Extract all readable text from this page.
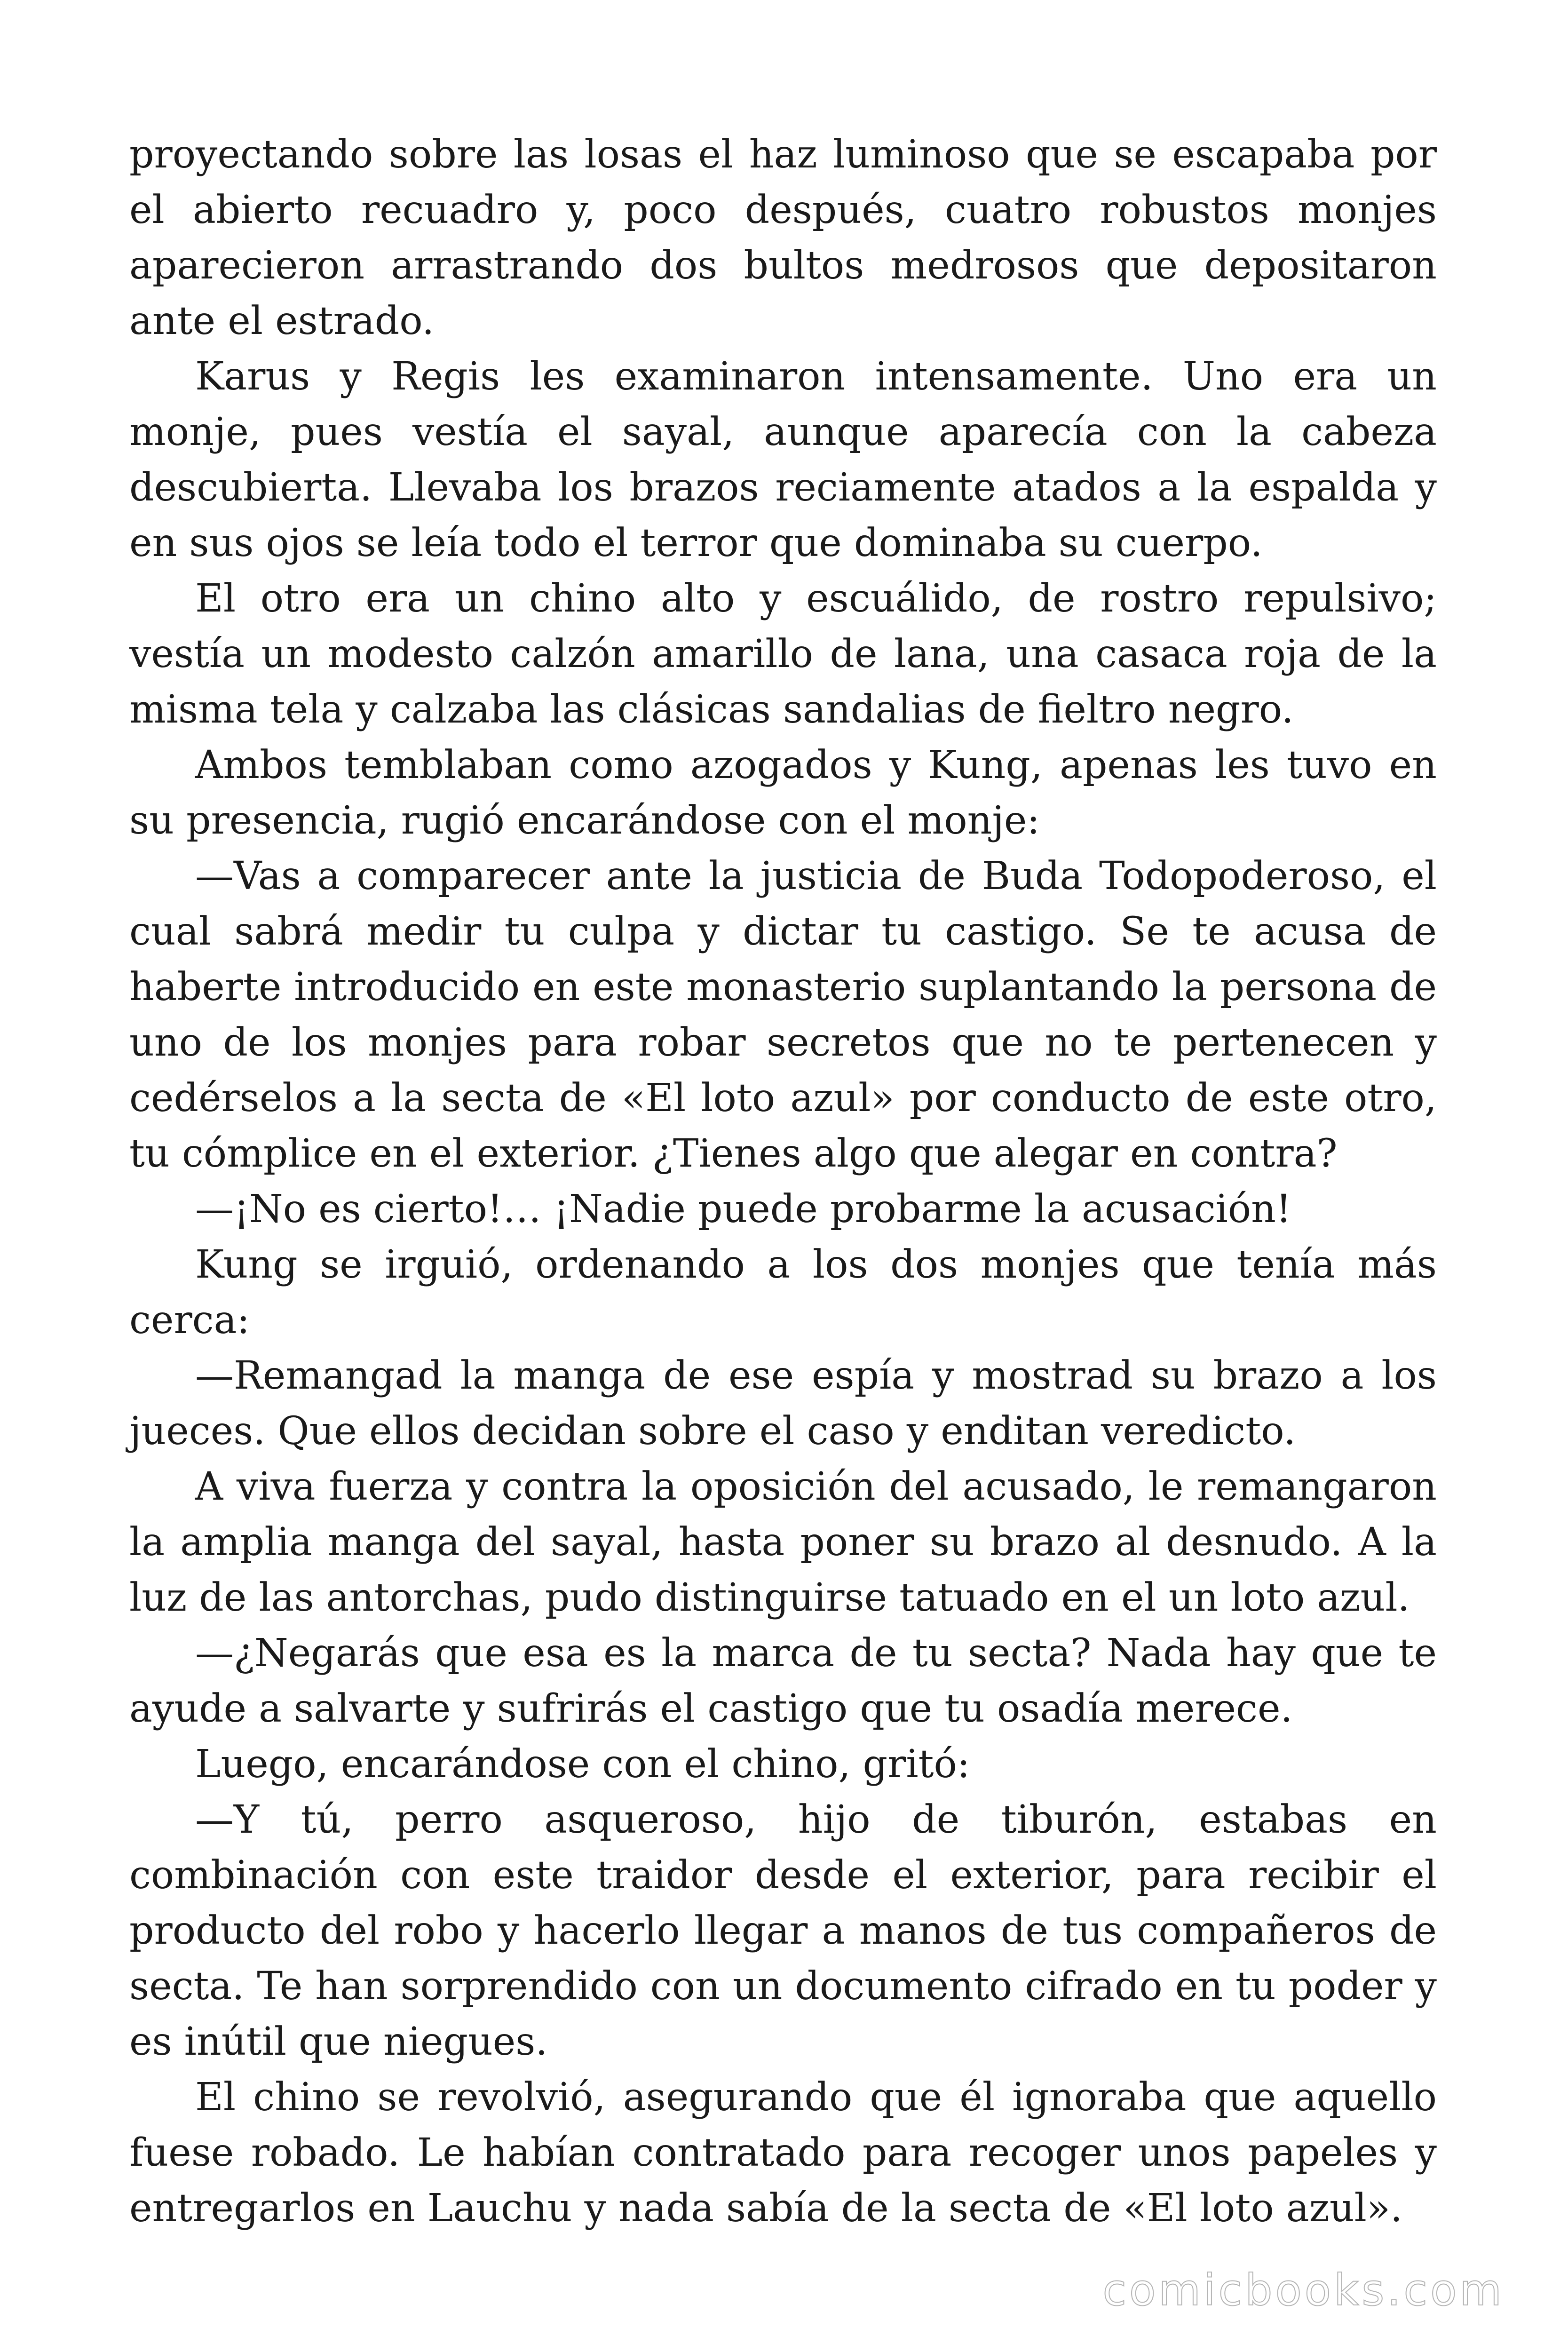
proyectando sobre las losas el haz luminoso que se escapaba por el abierto recuadro y, poco después, cuatro robustos monjes aparecieron arrastrando dos bultos medrosos que depositaron ante el estrado.

Karus y Regis les examinaron intensamente. Uno era un monje, pues vestía el sayal, aunque aparecía con la cabeza descubierta. Llevaba los brazos reciamente atados a la espalda y en sus ojos se leía todo el terror que dominaba su cuerpo.

El otro era un chino alto y escuálido, de rostro repulsivo; vestía un modesto calzón amarillo de lana, una casaca roja de la misma tela y calzaba las clásicas sandalias de fieltro negro.

Ambos temblaban como azogados y Kung, apenas les tuvo en su presencia, rugió encarándose con el monje:

—Vas a comparecer ante la justicia de Buda Todopoderoso, el cual sabrá medir tu culpa y dictar tu castigo. Se te acusa de haberte introducido en este monasterio suplantando la persona de uno de los monjes para robar secretos que no te pertenecen y cedérselos a la secta de «El loto azul» por conducto de este otro, tu cómplice en el exterior. ¿Tienes algo que alegar en contra?

—¡No es cierto!… ¡Nadie puede probarme la acusación!

Kung se irguió, ordenando a los dos monjes que tenía más cerca:

—Remangad la manga de ese espía y mostrad su brazo a los jueces. Que ellos decidan sobre el caso y enditan veredicto.

A viva fuerza y contra la oposición del acusado, le remangaron la amplia manga del sayal, hasta poner su brazo al desnudo. A la luz de las antorchas, pudo distinguirse tatuado en el un loto azul.

—¿Negarás que esa es la marca de tu secta? Nada hay que te ayude a salvarte y sufrirás el castigo que tu osadía merece.

Luego, encarándose con el chino, gritó:

—Y tú, perro asqueroso, hijo de tiburón, estabas en combinación con este traidor desde el exterior, para recibir el producto del robo y hacerlo llegar a manos de tus compañeros de secta. Te han sorprendido con un documento cifrado en tu poder y es inútil que niegues.

El chino se revolvió, asegurando que él ignoraba que aquello fuese robado. Le habían contratado para recoger unos papeles y entregarlos en Lauchu y nada sabía de la secta de «El loto azul».

comicbooks.com
